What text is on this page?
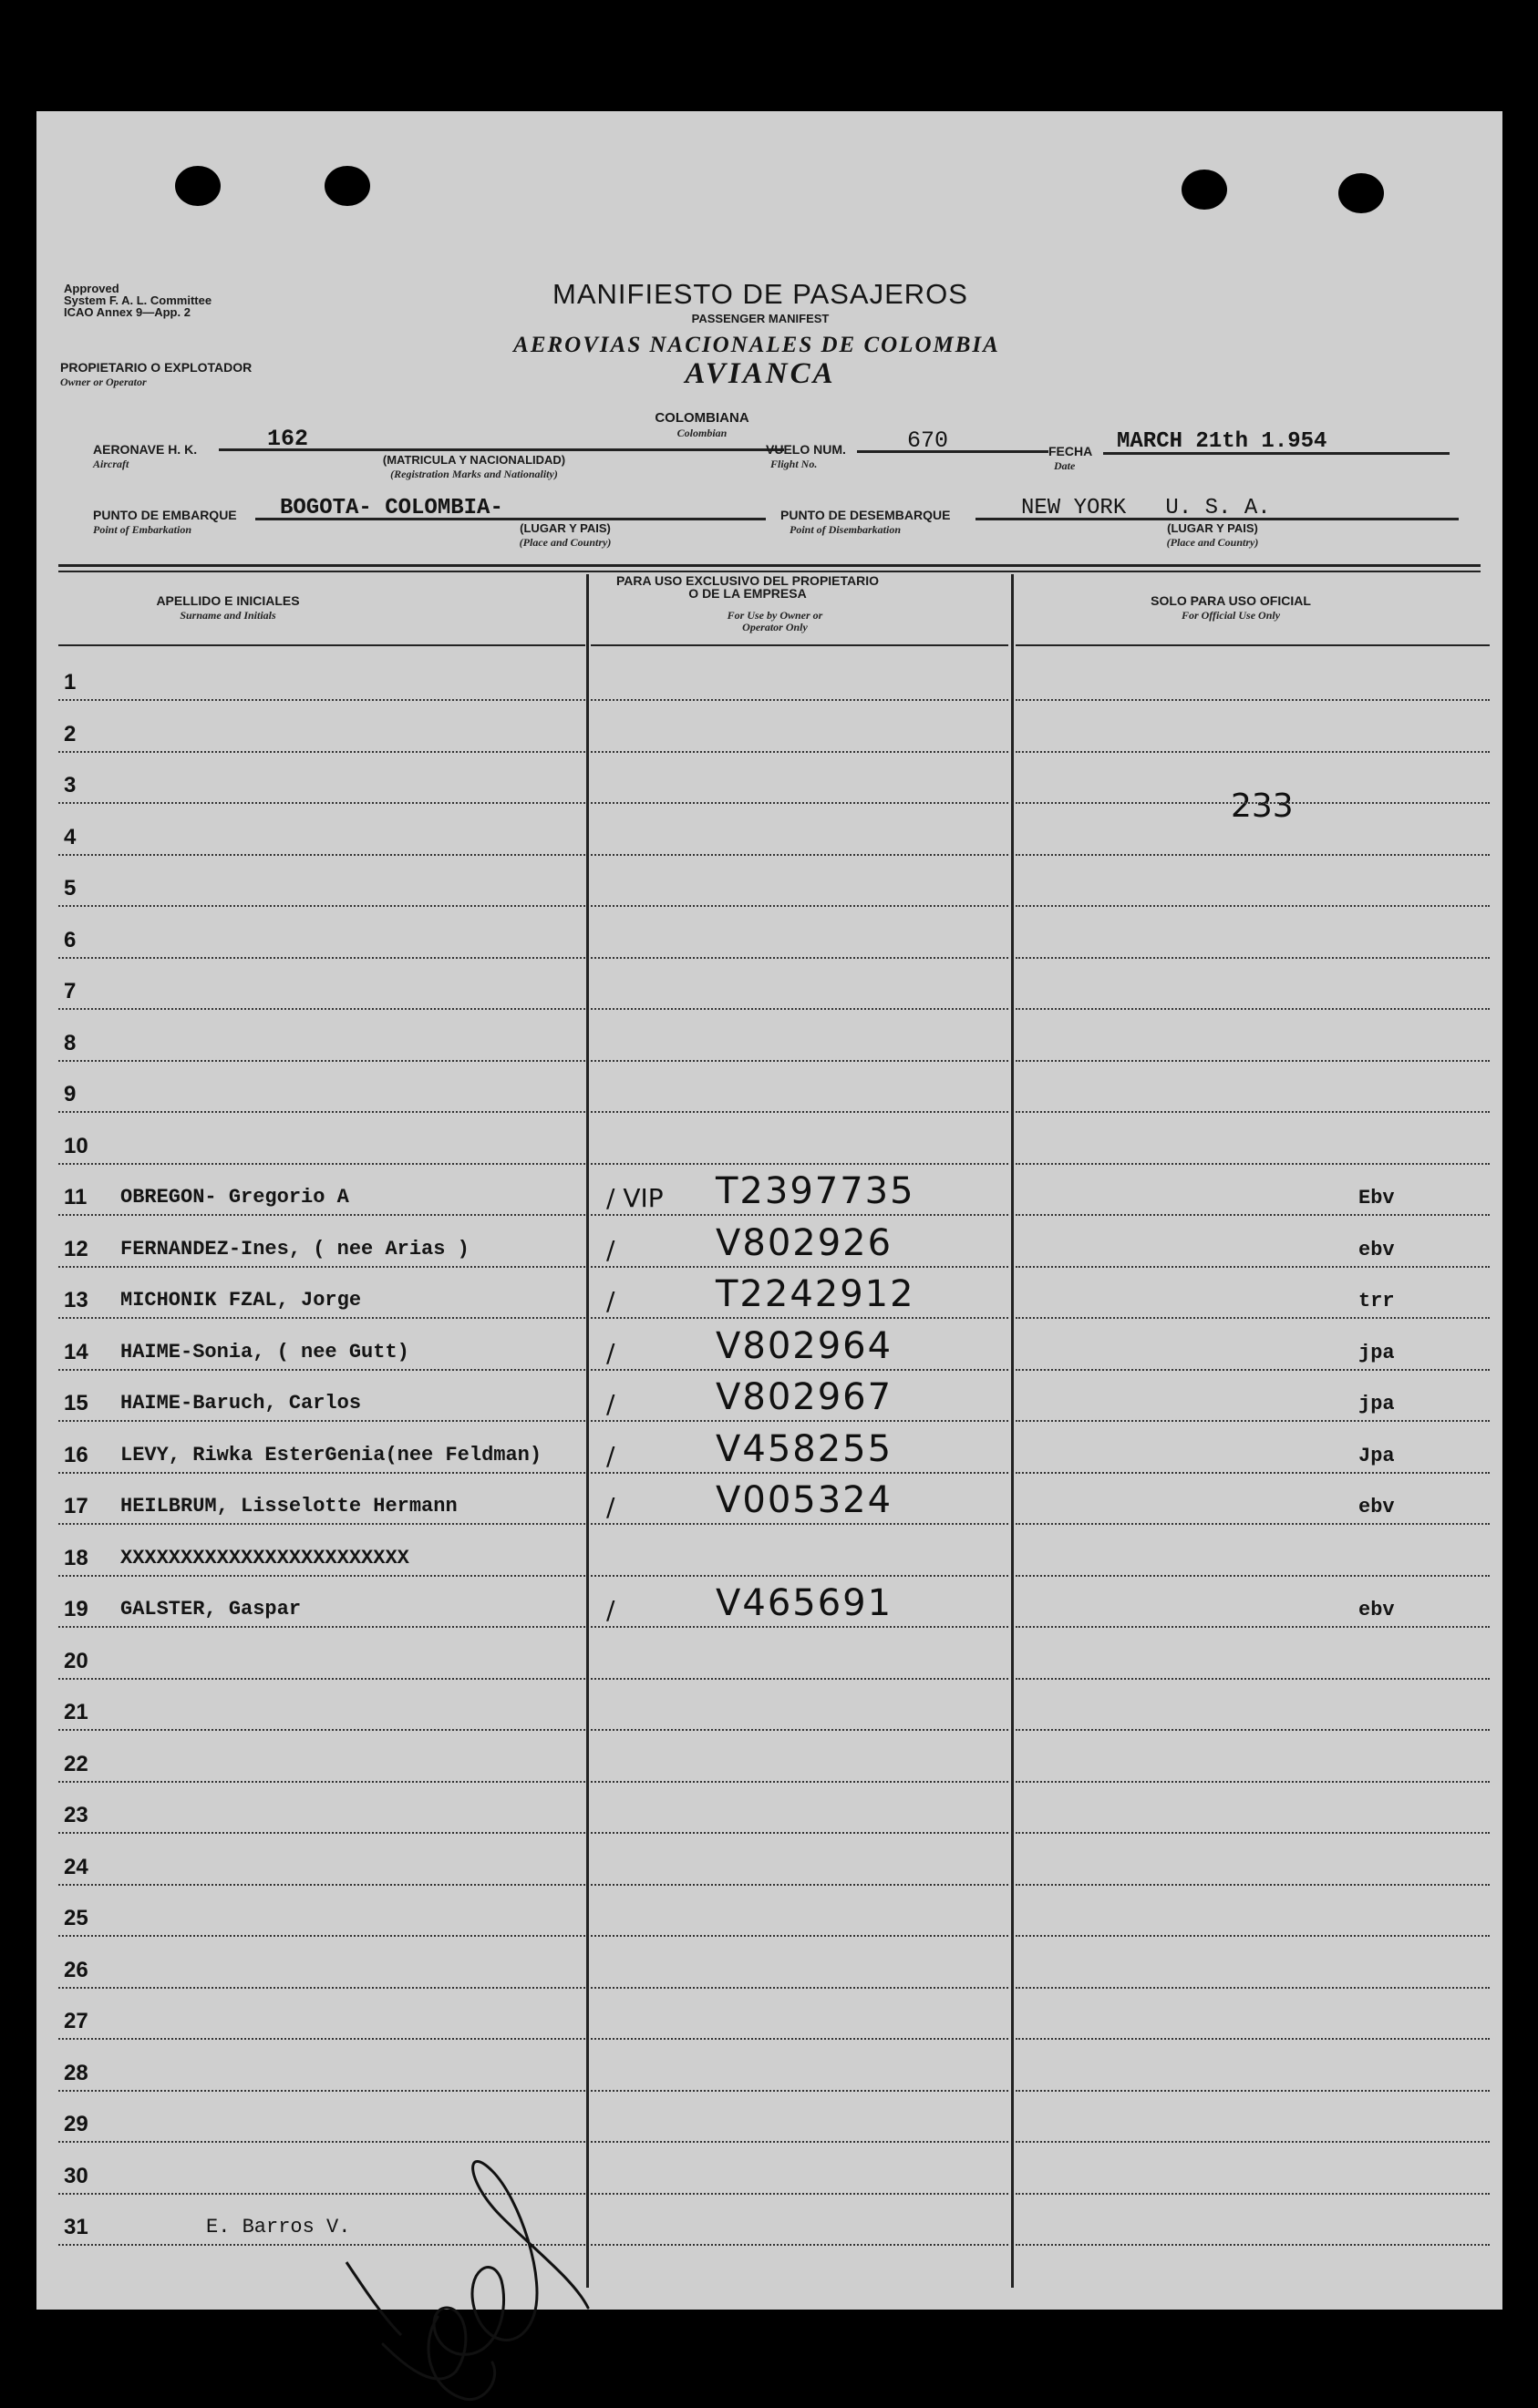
Approved
System F. A. L. Committee
ICAO Annex 9—App. 2
MANIFIESTO DE PASAJEROS
PASSENGER MANIFEST
AEROVIAS NACIONALES DE COLOMBIA
AVIANCA
PROPIETARIO O EXPLOTADOR
Owner or Operator
COLOMBIANA
Colombian
AERONAVE H. K.
Aircraft
162
(MATRICULA Y NACIONALIDAD)
(Registration Marks and Nationality)
VUELO NUM.
Flight No.
670	FECHA
Date
MARCH 21th 1.954
PUNTO DE EMBARQUE
Point of Embarkation
BOGOTA- COLOMBIA-
(LUGAR Y PAIS)
(Place and Country)
PUNTO DE DESEMBARQUE
Point of Disembarkation
NEW YORK   U. S. A.
(LUGAR Y PAIS)
(Place and Country)
APELLIDO E INICIALES
Surname and Initials
PARA USO EXCLUSIVO DEL PROPIETARIO
O DE LA EMPRESA
For Use by Owner or Operator Only
SOLO PARA USO OFICIAL
For Official Use Only
233
1
2
3
4
5
6
7
8
9
10
11 OBREGON- Gregorio A	/ VIP T2397735	Ebv
12 FERNANDEZ-Ines, ( nee Arias )	/	V802926	ebv
13 MICHONIK FZAL, Jorge	/	T2242912	trr
14 HAIME-Sonia, ( nee Gutt)	/	V802964	jpa
15 HAIME-Baruch, Carlos	/	V802967	jpa
16 LEVY, Riwka EsterGenia(nee Feldman)	/	V458255	Jpa
17 HEILBRUM, Lisselotte Hermann	/	V005324	ebv
18 XXXXXXXXXXXXXXXXXXXXXXXX
19 GALSTER, Gaspar	/	V465691	ebv
20
21
22
23
24
25
26
27
28
29
30
31	E. Barros V.
